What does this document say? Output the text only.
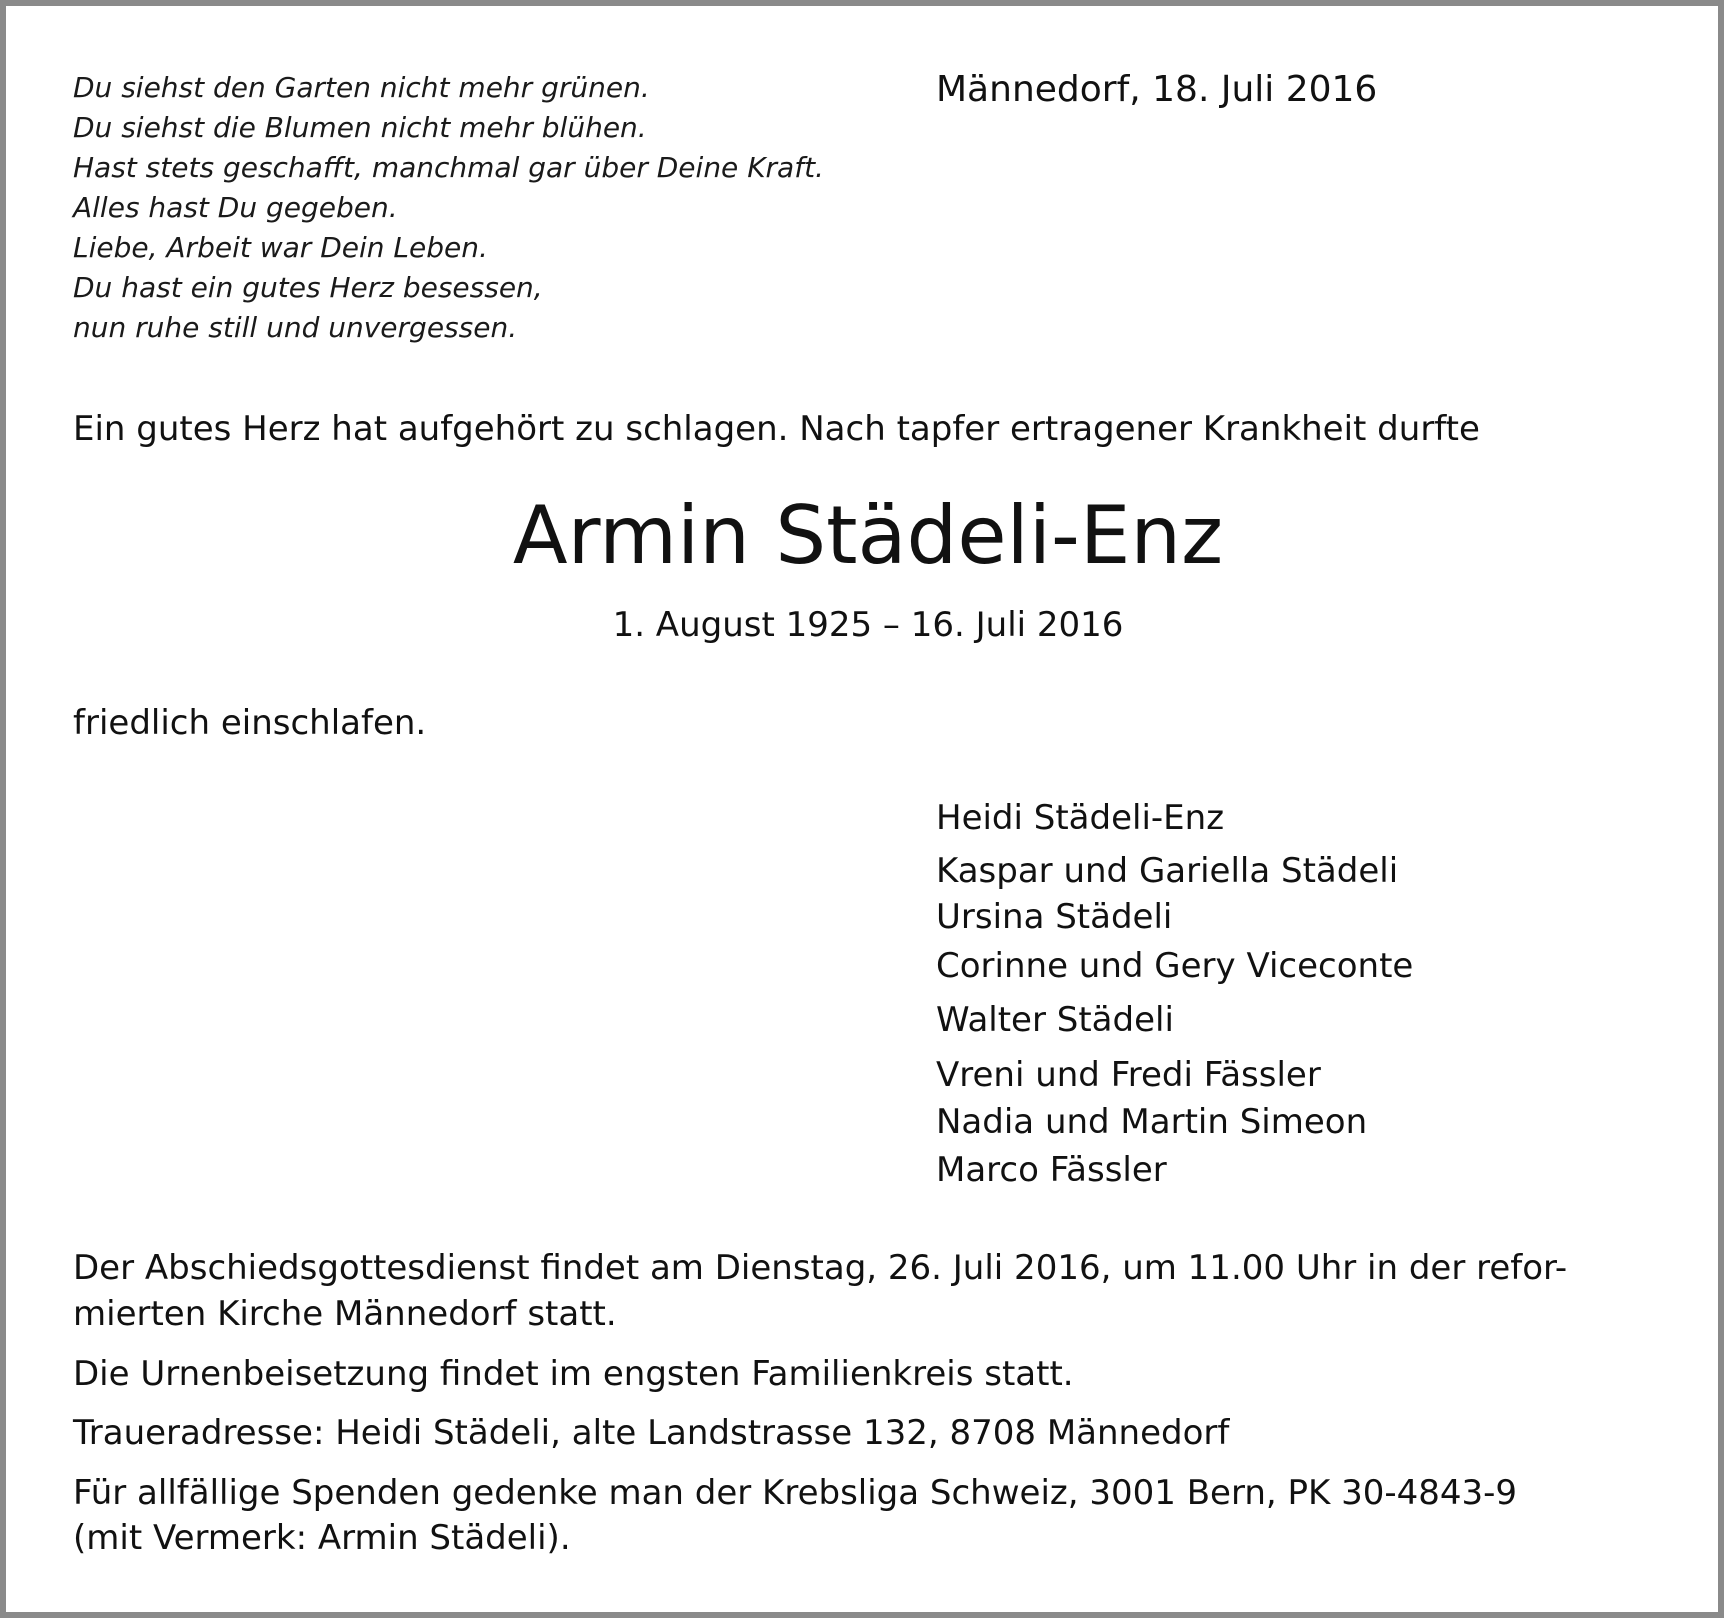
Du siehst den Garten nicht mehr grünen.
Du siehst die Blumen nicht mehr blühen.
Hast stets geschafft, manchmal gar über Deine Kraft.
Alles hast Du gegeben.
Liebe, Arbeit war Dein Leben.
Du hast ein gutes Herz besessen,
nun ruhe still und unvergessen.
Männedorf, 18. Juli 2016
Ein gutes Herz hat aufgehört zu schlagen. Nach tapfer ertragener Krankheit durfte
Armin Städeli-Enz
1. August 1925 – 16. Juli 2016
friedlich einschlafen.
Heidi Städeli-Enz
Kaspar und Gariella Städeli
Ursina Städeli
Corinne und Gery Viceconte
Walter Städeli
Vreni und Fredi Fässler
Nadia und Martin Simeon
Marco Fässler
Der Abschiedsgottesdienst findet am Dienstag, 26. Juli 2016, um 11.00 Uhr in der refor-
mierten Kirche Männedorf statt.
Die Urnenbeisetzung findet im engsten Familienkreis statt.
Traueradresse: Heidi Städeli, alte Landstrasse 132, 8708 Männedorf
Für allfällige Spenden gedenke man der Krebsliga Schweiz, 3001 Bern, PK 30-4843-9
(mit Vermerk: Armin Städeli).
